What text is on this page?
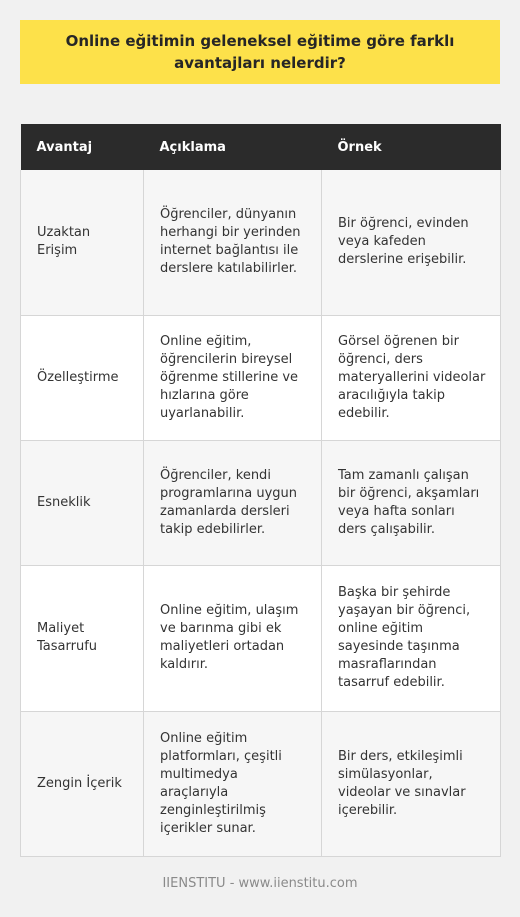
Online eğitimin geleneksel eğitime göre farklı avantajları nelerdir?
Avantaj	Açıklama	Örnek
Uzaktan Erişim	Öğrenciler, dünyanın herhangi bir yerinden internet bağlantısı ile derslere katılabilirler.	Bir öğrenci, evinden veya kafeden derslerine erişebilir.
Özelleştirme	Online eğitim, öğrencilerin bireysel öğrenme stillerine ve hızlarına göre uyarlanabilir.	Görsel öğrenen bir öğrenci, ders materyallerini videolar aracılığıyla takip edebilir.
Esneklik	Öğrenciler, kendi programlarına uygun zamanlarda dersleri takip edebilirler.	Tam zamanlı çalışan bir öğrenci, akşamları veya hafta sonları ders çalışabilir.
Maliyet Tasarrufu	Online eğitim, ulaşım ve barınma gibi ek maliyetleri ortadan kaldırır.	Başka bir şehirde yaşayan bir öğrenci, online eğitim sayesinde taşınma masraflarından tasarruf edebilir.
Zengin İçerik	Online eğitim platformları, çeşitli multimedya araçlarıyla zenginleştirilmiş içerikler sunar.	Bir ders, etkileşimli simülasyonlar, videolar ve sınavlar içerebilir.
IIENSTITU - www.iienstitu.com
